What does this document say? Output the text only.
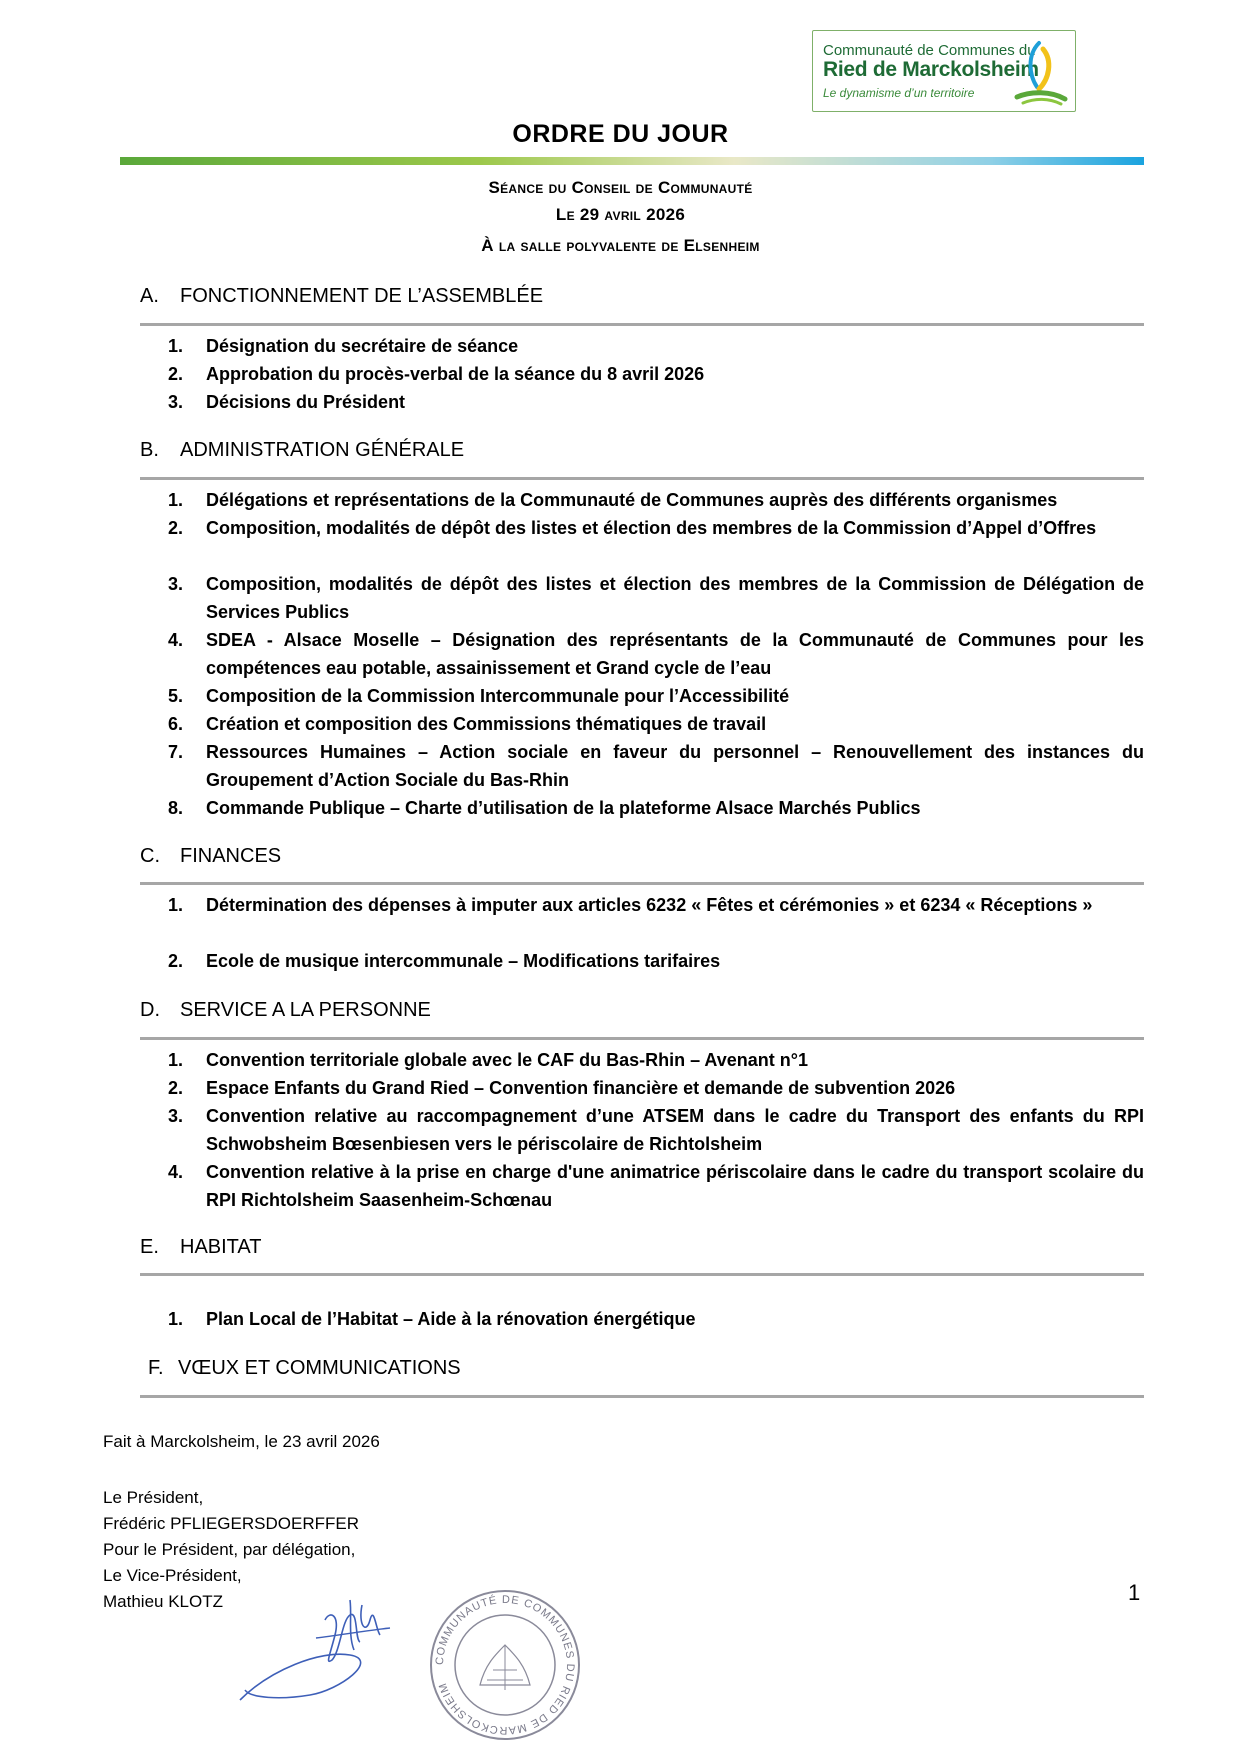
Communauté de Communes du
Ried de Marckolsheim
Le dynamisme d’un territoire
ORDRE DU JOUR
Séance du Conseil de Communauté
Le 29 avril 2026
À la salle polyvalente de Elsenheim
A. FONCTIONNEMENT DE L’ASSEMBLÉE
1.	Désignation du secrétaire de séance
2.	Approbation du procès-verbal de la séance du 8 avril 2026
3.	Décisions du Président
B. ADMINISTRATION GÉNÉRALE
1.	Délégations et représentations de la Communauté de Communes auprès des différents organismes
2.	Composition, modalités de dépôt des listes et élection des membres de la Commission d’Appel d’Offres
3.	Composition, modalités de dépôt des listes et élection des membres de la Commission de Délégation de Services Publics
4.	SDEA - Alsace Moselle – Désignation des représentants de la Communauté de Communes pour les compétences eau potable, assainissement et Grand cycle de l’eau
5.	Composition de la Commission Intercommunale pour l’Accessibilité
6.	Création et composition des Commissions thématiques de travail
7.	Ressources Humaines – Action sociale en faveur du personnel – Renouvellement des instances du Groupement d’Action Sociale du Bas-Rhin
8.	Commande Publique – Charte d’utilisation de la plateforme Alsace Marchés Publics
C. FINANCES
1.	Détermination des dépenses à imputer aux articles 6232 « Fêtes et cérémonies » et 6234 « Réceptions »
2.	Ecole de musique intercommunale – Modifications tarifaires
D. SERVICE A LA PERSONNE
1.	Convention territoriale globale avec le CAF du Bas-Rhin – Avenant n°1
2.	Espace Enfants du Grand Ried – Convention financière et demande de subvention 2026
3.	Convention relative au raccompagnement d’une ATSEM dans le cadre du Transport des enfants du RPI Schwobsheim Bœsenbiesen vers le périscolaire de Richtolsheim
4.	Convention relative à la prise en charge d'une animatrice périscolaire dans le cadre du transport scolaire du RPI Richtolsheim Saasenheim-Schœnau
E. HABITAT
1.	Plan Local de l’Habitat – Aide à la rénovation énergétique
F. VŒUX ET COMMUNICATIONS
Fait à Marckolsheim, le 23 avril 2026
Le Président,
Frédéric PFLIEGERSDOERFFER
Pour le Président, par délégation,
Le Vice-Président,
Mathieu KLOTZ
COMMUNAUTÉ DE COMMUNES DU RIED DE MARCKOLSHEIM
1
